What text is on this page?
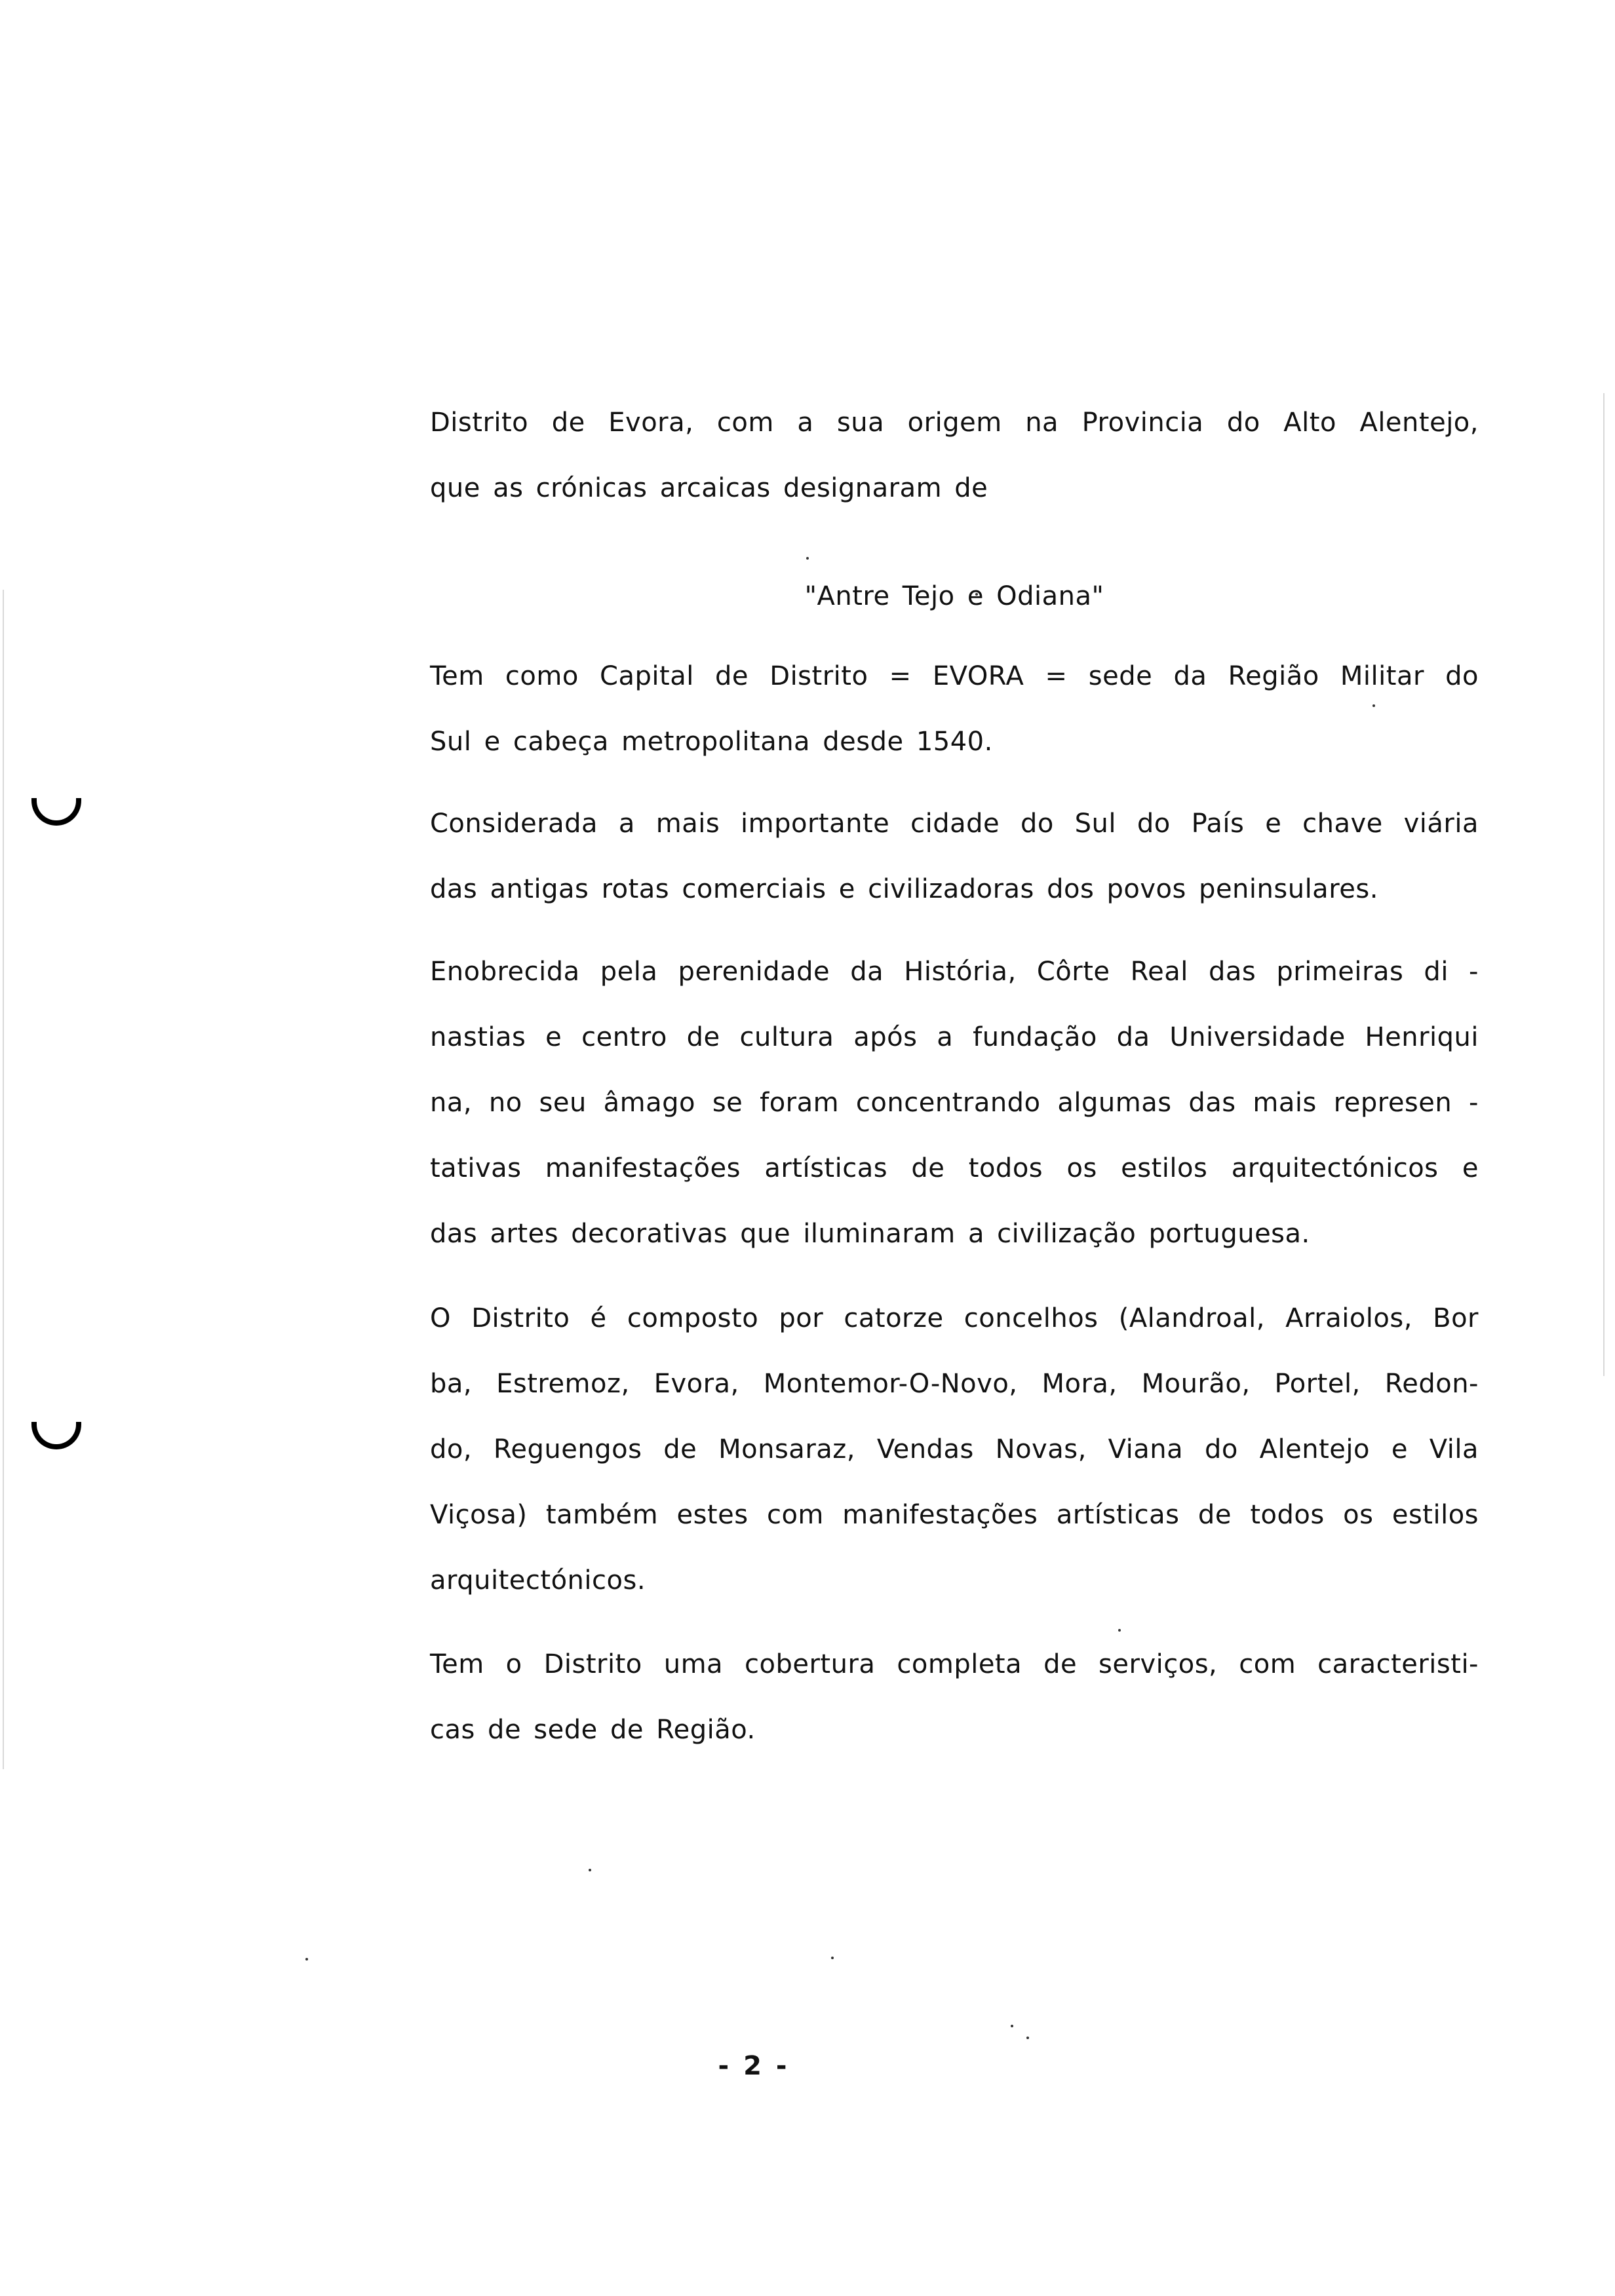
Distrito de Evora, com a sua origem na Provincia do Alto Alentejo,
que as crónicas arcaicas designaram de
"Antre Tejo e Odiana"
Tem como Capital de Distrito = EVORA = sede da Região Militar do
Sul e cabeça metropolitana desde 1540.
Considerada a mais importante cidade do Sul do País e chave viária
das antigas rotas comerciais e civilizadoras dos povos peninsulares.
Enobrecida pela perenidade da História, Côrte Real das primeiras di -
nastias e centro de cultura após a fundação da Universidade Henriqui
na, no seu âmago se foram concentrando algumas das mais represen -
tativas manifestações artísticas de todos os estilos arquitectónicos e
das artes decorativas que iluminaram a civilização portuguesa.
O Distrito é composto por catorze concelhos (Alandroal, Arraiolos, Bor
ba, Estremoz, Evora, Montemor-O-Novo, Mora, Mourão, Portel, Redon-
do, Reguengos de Monsaraz, Vendas Novas, Viana do Alentejo e Vila
Viçosa) também estes com manifestações artísticas de todos os estilos
arquitectónicos.
Tem o Distrito uma cobertura completa de serviços, com caracteristi-
cas de sede de Região.
- 2 -
